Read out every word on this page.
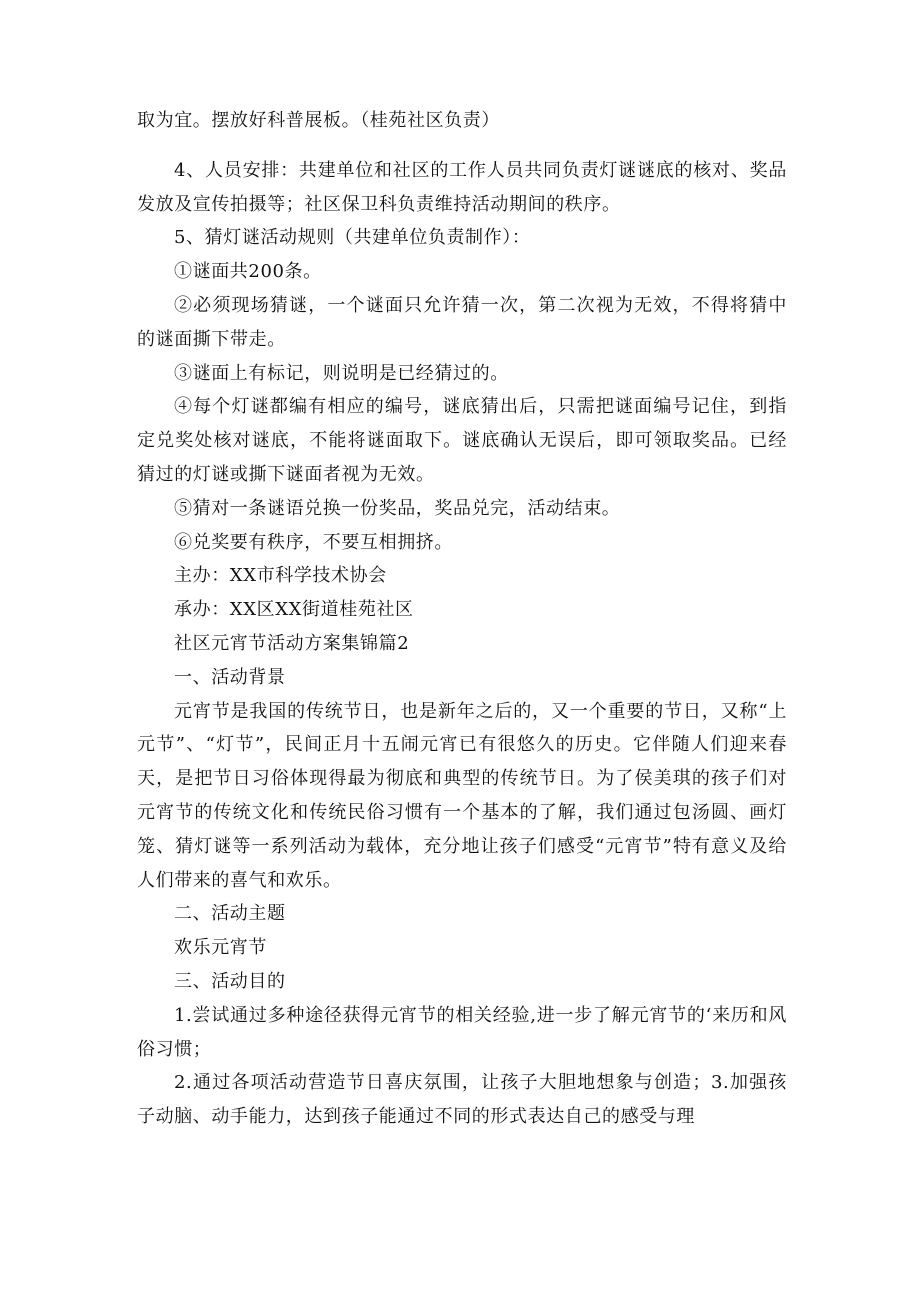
取为宜。摆放好科普展板。（桂苑社区负责）

4、人员安排：共建单位和社区的工作人员共同负责灯谜谜底的核对、奖品发放及宣传拍摄等；社区保卫科负责维持活动期间的秩序。

5、猜灯谜活动规则（共建单位负责制作）：

①谜面共200条。

②必须现场猜谜，一个谜面只允许猜一次，第二次视为无效，不得将猜中的谜面撕下带走。

③谜面上有标记，则说明是已经猜过的。

④每个灯谜都编有相应的编号，谜底猜出后，只需把谜面编号记住，到指定兑奖处核对谜底，不能将谜面取下。谜底确认无误后，即可领取奖品。已经猜过的灯谜或撕下谜面者视为无效。

⑤猜对一条谜语兑换一份奖品，奖品兑完，活动结束。

⑥兑奖要有秩序，不要互相拥挤。

主办：XX市科学技术协会

承办：XX区XX街道桂苑社区

社区元宵节活动方案集锦篇2

一、活动背景

元宵节是我国的传统节日，也是新年之后的，又一个重要的节日，又称“上元节”、“灯节”，民间正月十五闹元宵已有很悠久的历史。它伴随人们迎来春天，是把节日习俗体现得最为彻底和典型的传统节日。为了侯美琪的孩子们对元宵节的传统文化和传统民俗习惯有一个基本的了解，我们通过包汤圆、画灯笼、猜灯谜等一系列活动为载体，充分地让孩子们感受“元宵节”特有意义及给人们带来的喜气和欢乐。

二、活动主题

欢乐元宵节

三、活动目的

1.尝试通过多种途径获得元宵节的相关经验,进一步了解元宵节的‘来历和风俗习惯；

2.通过各项活动营造节日喜庆氛围，让孩子大胆地想象与创造；3.加强孩子动脑、动手能力，达到孩子能通过不同的形式表达自己的感受与理
